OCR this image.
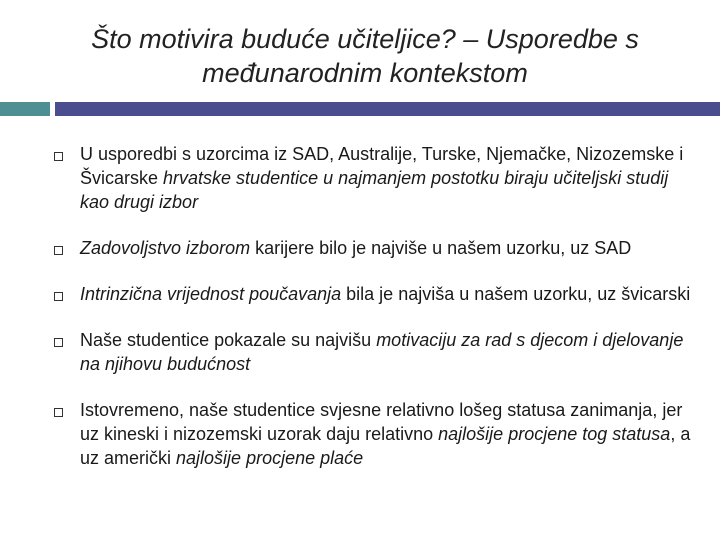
Što motivira buduće učiteljice? – Usporedbe s
međunarodnim kontekstom
U usporedbi s uzorcima iz SAD, Australije, Turske, Njemačke, Nizozemske i Švicarske hrvatske studentice u najmanjem postotku biraju učiteljski studij kao drugi izbor
Zadovoljstvo izborom karijere bilo je najviše u našem uzorku, uz SAD
Intrinzična vrijednost poučavanja bila je najviša u našem uzorku, uz švicarski
Naše studentice pokazale su najvišu motivaciju za rad s djecom i djelovanje na njihovu budućnost
Istovremeno, naše studentice svjesne relativno lošeg statusa zanimanja, jer uz kineski i nizozemski uzorak daju relativno najlošije procjene tog statusa, a uz američki najlošije procjene plaće
